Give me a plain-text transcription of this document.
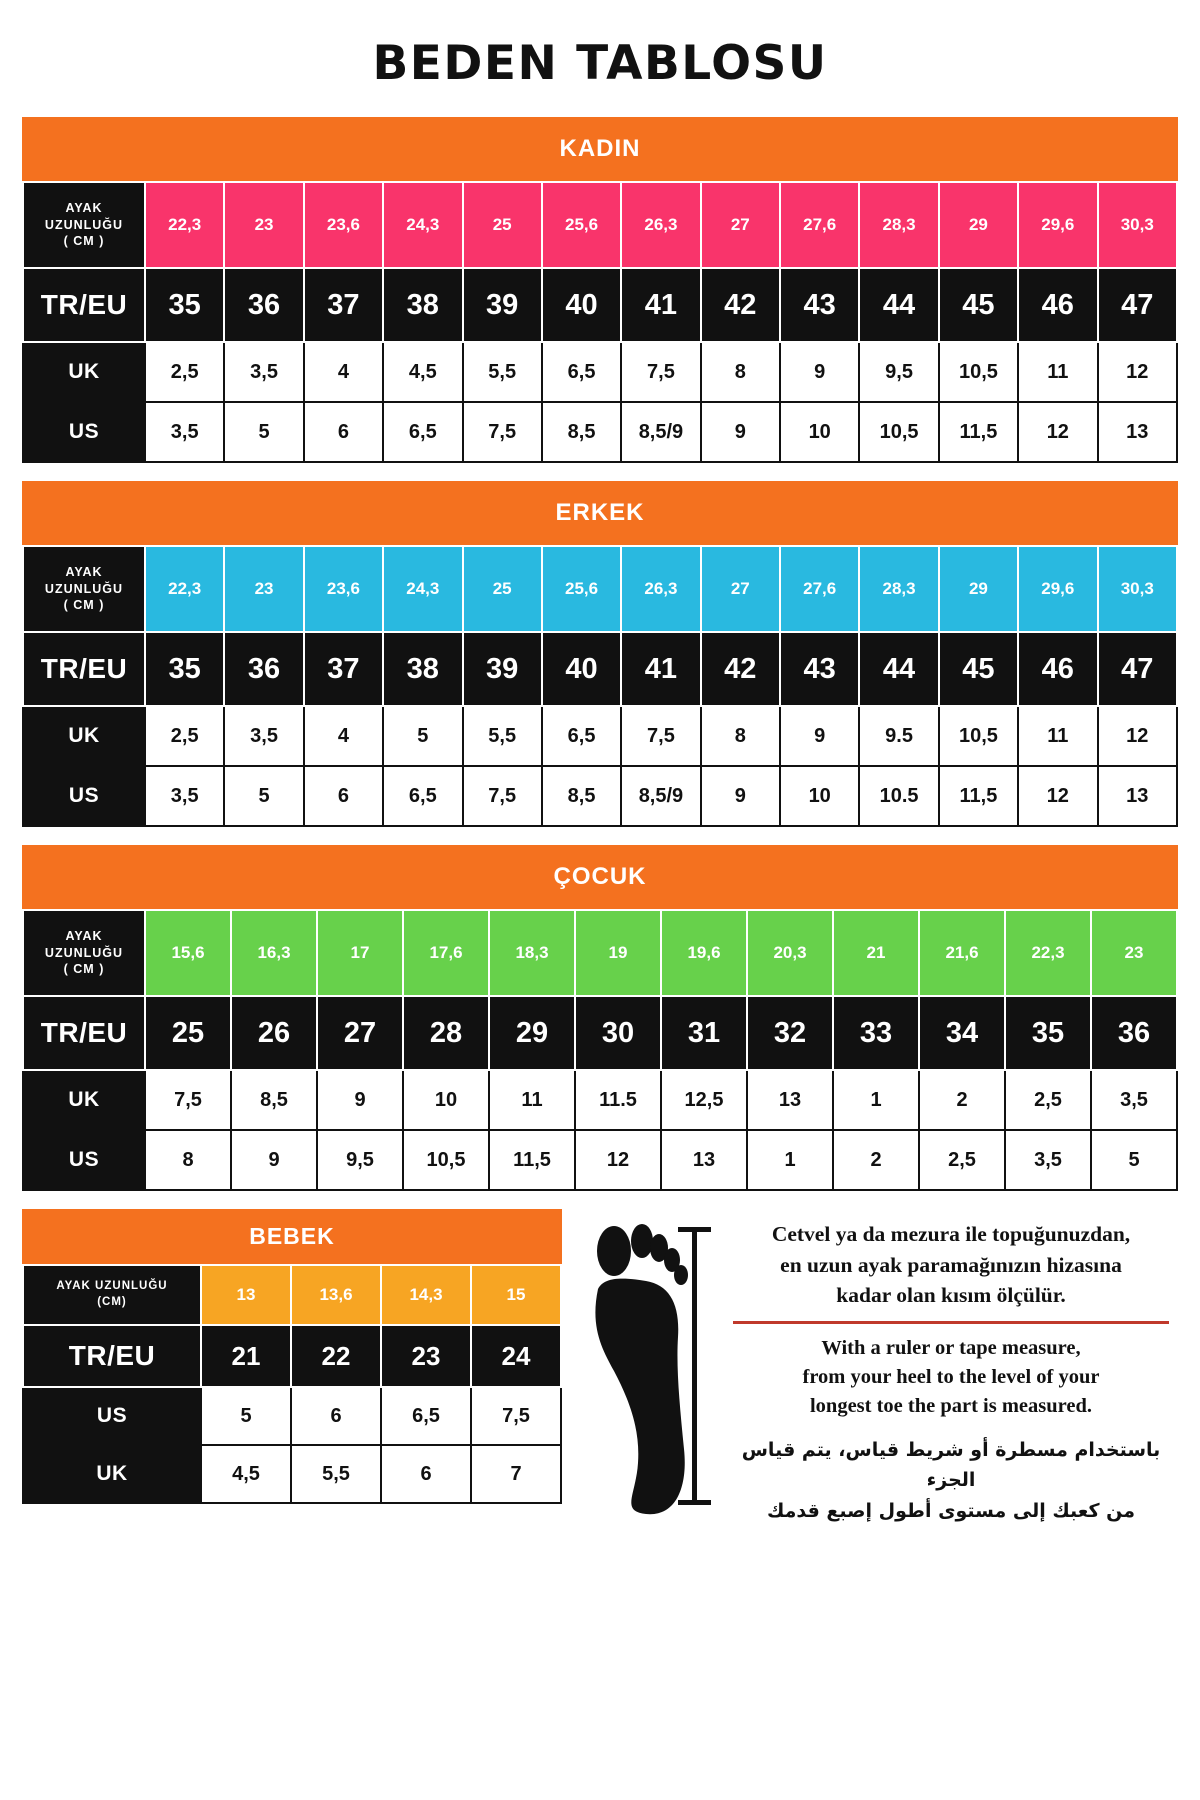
BEDEN TABLOSU
KADIN
AYAK
UZUNLUĞU
( CM )	22,3	23	23,6	24,3	25	25,6	26,3	27	27,6	28,3	29	29,6	30,3
TR/EU	35	36	37	38	39	40	41	42	43	44	45	46	47
UK	2,5	3,5	4	4,5	5,5	6,5	7,5	8	9	9,5	10,5	11	12
US	3,5	5	6	6,5	7,5	8,5	8,5/9	9	10	10,5	11,5	12	13
ERKEK
AYAK
UZUNLUĞU
( CM )	22,3	23	23,6	24,3	25	25,6	26,3	27	27,6	28,3	29	29,6	30,3
TR/EU	35	36	37	38	39	40	41	42	43	44	45	46	47
UK	2,5	3,5	4	5	5,5	6,5	7,5	8	9	9.5	10,5	11	12
US	3,5	5	6	6,5	7,5	8,5	8,5/9	9	10	10.5	11,5	12	13
ÇOCUK
AYAK
UZUNLUĞU
( CM )	15,6	16,3	17	17,6	18,3	19	19,6	20,3	21	21,6	22,3	23
TR/EU	25	26	27	28	29	30	31	32	33	34	35	36
UK	7,5	8,5	9	10	11	11.5	12,5	13	1	2	2,5	3,5
US	8	9	9,5	10,5	11,5	12	13	1	2	2,5	3,5	5
BEBEK
AYAK UZUNLUĞU
(CM)	13	13,6	14,3	15
TR/EU	21	22	23	24
US	5	6	6,5	7,5
UK	4,5	5,5	6	7
Cetvel ya da mezura ile topuğunuzdan,
en uzun ayak paramağınızın hizasına
kadar olan kısım ölçülür.
With a ruler or tape measure,
from your heel to the level of your
longest toe the part is measured.
باستخدام مسطرة أو شريط قياس، يتم قياس الجزء
من كعبك إلى مستوى أطول إصبع قدمك
